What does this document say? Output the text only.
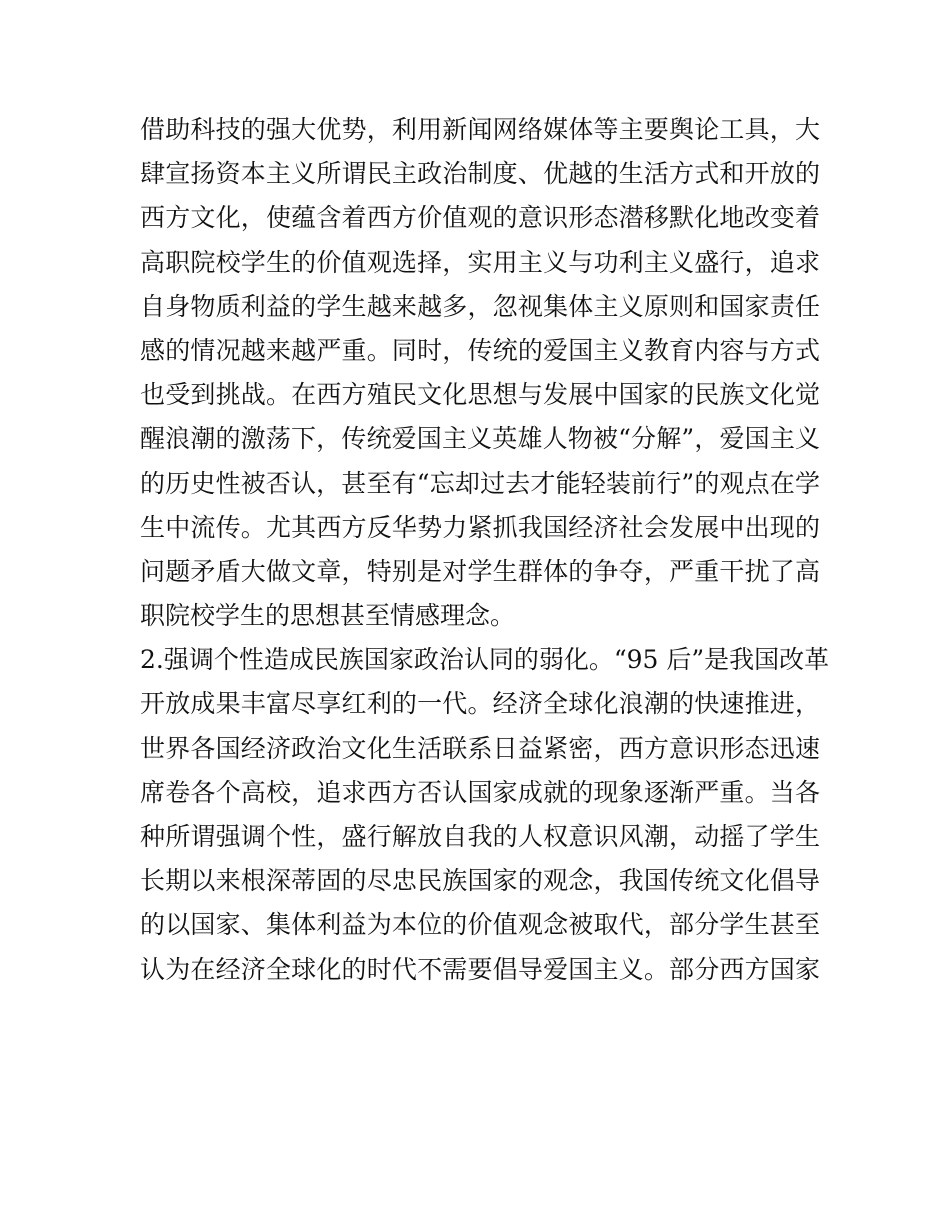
借助科技的强大优势，利用新闻网络媒体等主要舆论工具，大
肆宣扬资本主义所谓民主政治制度、优越的生活方式和开放的
西方文化，使蕴含着西方价值观的意识形态潜移默化地改变着
高职院校学生的价值观选择，实用主义与功利主义盛行，追求
自身物质利益的学生越来越多，忽视集体主义原则和国家责任
感的情况越来越严重。同时，传统的爱国主义教育内容与方式
也受到挑战。在西方殖民文化思想与发展中国家的民族文化觉
醒浪潮的激荡下，传统爱国主义英雄人物被“分解”，爱国主义
的历史性被否认，甚至有“忘却过去才能轻装前行”的观点在学
生中流传。尤其西方反华势力紧抓我国经济社会发展中出现的
问题矛盾大做文章，特别是对学生群体的争夺，严重干扰了高
职院校学生的思想甚至情感理念。
2.强调个性造成民族国家政治认同的弱化。“95 后”是我国改革
开放成果丰富尽享红利的一代。经济全球化浪潮的快速推进，
世界各国经济政治文化生活联系日益紧密，西方意识形态迅速
席卷各个高校，追求西方否认国家成就的现象逐渐严重。当各
种所谓强调个性，盛行解放自我的人权意识风潮，动摇了学生
长期以来根深蒂固的尽忠民族国家的观念，我国传统文化倡导
的以国家、集体利益为本位的价值观念被取代，部分学生甚至
认为在经济全球化的时代不需要倡导爱国主义。部分西方国家
